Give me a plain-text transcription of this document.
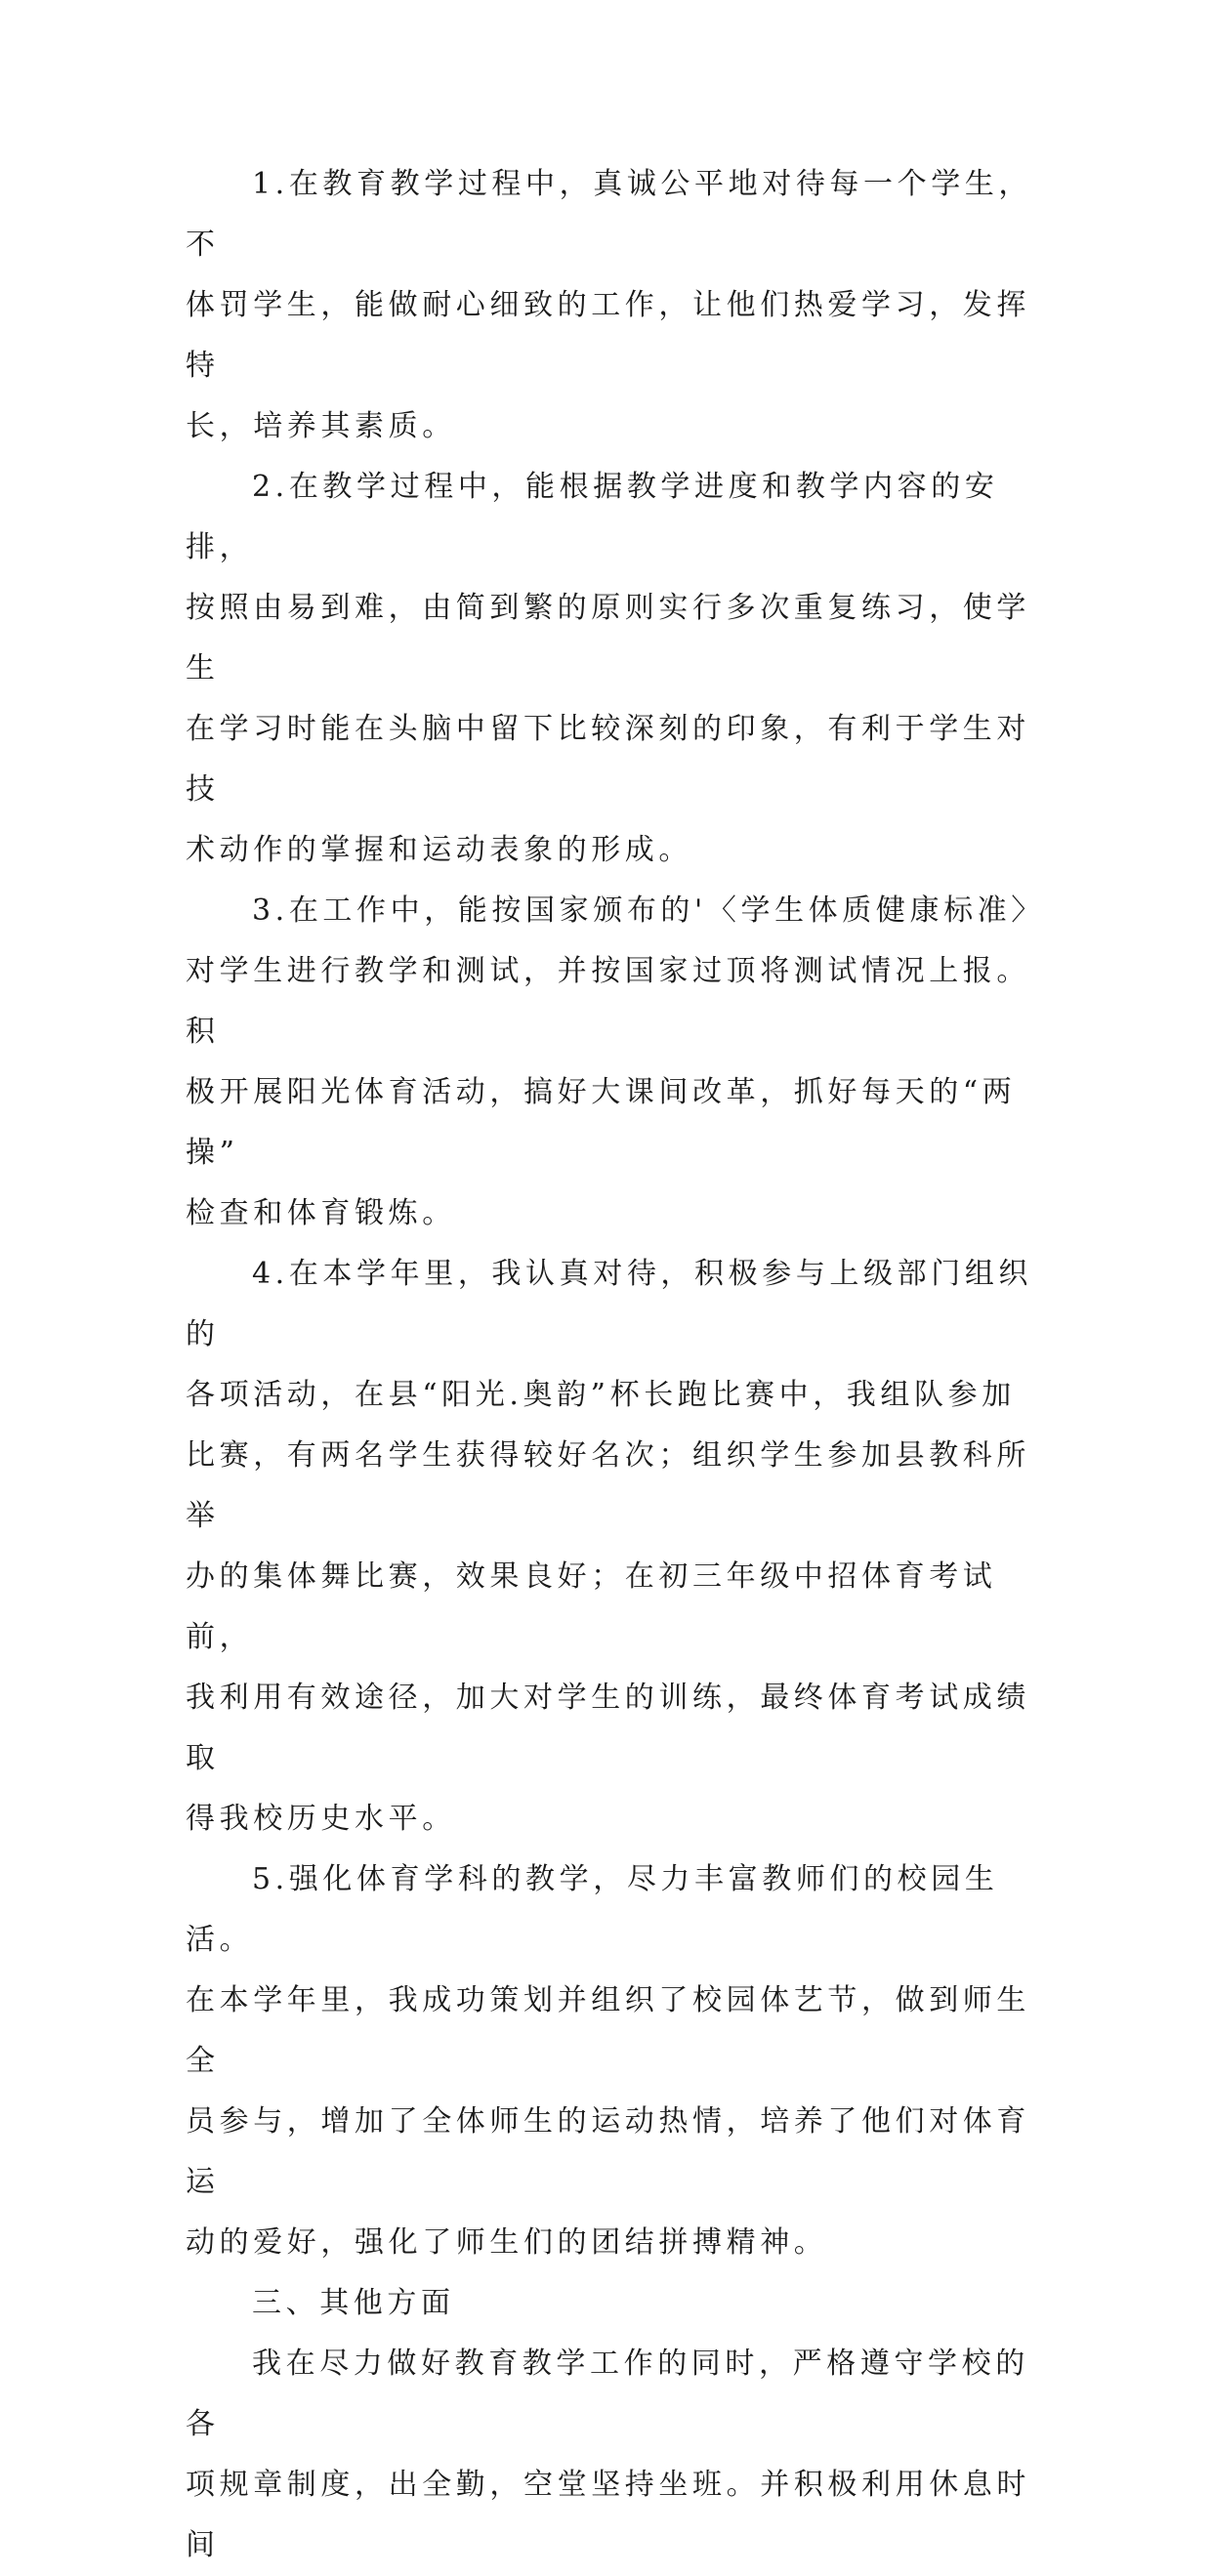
1.在教育教学过程中，真诚公平地对待每一个学生，不
体罚学生，能做耐心细致的工作，让他们热爱学习，发挥特
长，培养其素质。

2.在教学过程中，能根据教学进度和教学内容的安排，
按照由易到难，由简到繁的原则实行多次重复练习，使学生
在学习时能在头脑中留下比较深刻的印象，有利于学生对技
术动作的掌握和运动表象的形成。

3.在工作中，能按国家颁布的'〈学生体质健康标准〉
对学生进行教学和测试，并按国家过顶将测试情况上报。积
极开展阳光体育活动，搞好大课间改革，抓好每天的“两操”
检查和体育锻炼。

4.在本学年里，我认真对待，积极参与上级部门组织的
各项活动，在县“阳光.奥韵”杯长跑比赛中，我组队参加
比赛，有两名学生获得较好名次；组织学生参加县教科所举
办的集体舞比赛，效果良好；在初三年级中招体育考试前，
我利用有效途径，加大对学生的训练，最终体育考试成绩取
得我校历史水平。

5.强化体育学科的教学，尽力丰富教师们的校园生活。
在本学年里，我成功策划并组织了校园体艺节，做到师生全
员参与，增加了全体师生的运动热情，培养了他们对体育运
动的爱好，强化了师生们的团结拼搏精神。

三、其他方面

我在尽力做好教育教学工作的同时，严格遵守学校的各
项规章制度，出全勤，空堂坚持坐班。并积极利用休息时间
